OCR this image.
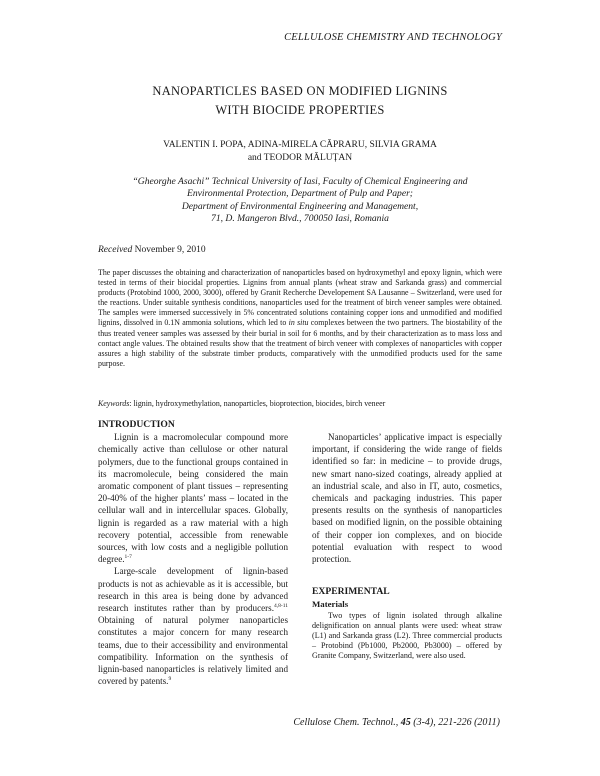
CELLULOSE CHEMISTRY AND TECHNOLOGY
NANOPARTICLES BASED ON MODIFIED LIGNINS
WITH BIOCIDE PROPERTIES
VALENTIN I. POPA, ADINA-MIRELA CĂPRARU, SILVIA GRAMA
and TEODOR MĂLUȚAN
“Gheorghe Asachi” Technical University of Iasi, Faculty of Chemical Engineering and
Environmental Protection, Department of Pulp and Paper;
Department of Environmental Engineering and Management,
71, D. Mangeron Blvd., 700050 Iasi, Romania
Received November 9, 2010
The paper discusses the obtaining and characterization of nanoparticles based on hydroxymethyl and epoxy lignin, which were tested in terms of their biocidal properties. Lignins from annual plants (wheat straw and Sarkanda grass) and commercial products (Protobind 1000, 2000, 3000), offered by Granit Recherche Developement SA Lausanne – Switzerland, were used for the reactions. Under suitable synthesis conditions, nanoparticles used for the treatment of birch veneer samples were obtained. The samples were immersed successively in 5% concentrated solutions containing copper ions and unmodified and modified lignins, dissolved in 0.1N ammonia solutions, which led to in situ complexes between the two partners. The biostability of the thus treated veneer samples was assessed by their burial in soil for 6 months, and by their characterization as to mass loss and contact angle values. The obtained results show that the treatment of birch veneer with complexes of nanoparticles with copper assures a high stability of the substrate timber products, comparatively with the unmodified products used for the same purpose.
Keywords: lignin, hydroxymethylation, nanoparticles, bioprotection, biocides, birch veneer
INTRODUCTION

Lignin is a macromolecular compound more chemically active than cellulose or other natural polymers, due to the functional groups contained in its macromolecule, being considered the main aromatic component of plant tissues – representing 20-40% of the higher plants’ mass – located in the cellular wall and in intercellular spaces. Globally, lignin is regarded as a raw material with a high recovery potential, accessible from renewable sources, with low costs and a negligible pollution degree.$^{1-7}$

Large-scale development of lignin-based products is not as achievable as it is accessible, but research in this area is being done by advanced research institutes rather than by producers.$^{4,8-11}$ Obtaining of natural polymer nanoparticles constitutes a major concern for many research teams, due to their accessibility and environmental compatibility. Information on the synthesis of lignin-based nanoparticles is relatively limited and covered by patents.$^9$

Nanoparticles’ applicative impact is especially important, if considering the wide range of fields identified so far: in medicine – to provide drugs, new smart nano-sized coatings, already applied at an industrial scale, and also in IT, auto, cosmetics, chemicals and packaging industries. This paper presents results on the synthesis of nanoparticles based on modified lignin, on the possible obtaining of their copper ion complexes, and on biocide potential evaluation with respect to wood protection.

EXPERIMENTAL
Materials

Two types of lignin isolated through alkaline delignification on annual plants were used: wheat straw (L1) and Sarkanda grass (L2). Three commercial products – Protobind (Pb1000, Pb2000, Pb3000) – offered by Granite Company, Switzerland, were also used.

Cellulose Chem. Technol., 45 (3-4), 221-226 (2011)
